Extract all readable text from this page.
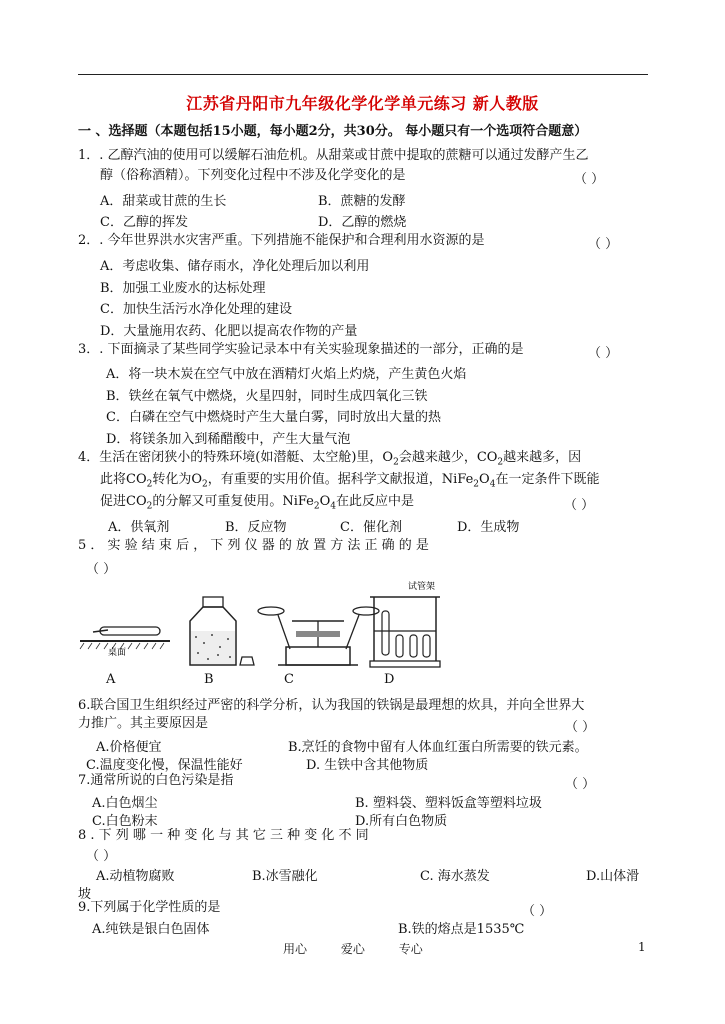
江苏省丹阳市九年级化学化学单元练习 新人教版
一 、选择题（本题包括15小题，每小题2分，共30分。 每小题只有一个选项符合题意）
1．. 乙醇汽油的使用可以缓解石油危机。从甜菜或甘蔗中提取的蔗糖可以通过发酵产生乙
醇（俗称酒精）。下列变化过程中不涉及化学变化的是	（ ）
A．甜菜或甘蔗的生长	B．蔗糖的发酵
C．乙醇的挥发	D．乙醇的燃烧
2．. 今年世界洪水灾害严重。下列措施不能保护和合理利用水资源的是	（ ）
A．考虑收集、储存雨水，净化处理后加以利用
B．加强工业废水的达标处理
C．加快生活污水净化处理的建设
D．大量施用农药、化肥以提高农作物的产量
3．. 下面摘录了某些同学实验记录本中有关实验现象描述的一部分，正确的是	（ ）
A．将一块木炭在空气中放在酒精灯火焰上灼烧，产生黄色火焰
B．铁丝在氧气中燃烧，火星四射，同时生成四氧化三铁
C．白磷在空气中燃烧时产生大量白雾，同时放出大量的热
D．将镁条加入到稀醋酸中，产生大量气泡
4．生活在密闭狭小的特殊环境(如潜艇、太空舱)里，$O_2$会越来越少，$CO_2$越来越多，因
此将$CO_2$转化为$O_2$，有重要的实用价值。据科学文献报道，$NiFe_2O_4$在一定条件下既能
促进$CO_2$的分解又可重复使用。$NiFe_2O_4$在此反应中是	（ ）
A．供氧剂	B．反应物	C．催化剂	D．生成物
5 ． 实 验 结 束 后 ， 下 列 仪 器 的 放 置 方 法 正 确 的 是
（ ）
桌面
试管架
A	B	C	D
6.联合国卫生组织经过严密的科学分析，认为我国的铁锅是最理想的炊具，并向全世界大
力推广。其主要原因是	（ ）
A.价格便宜	B.烹饪的食物中留有人体血红蛋白所需要的铁元素。
C.温度变化慢，保温性能好	D. 生铁中含其他物质
7.通常所说的白色污染是指	（ ）
A.白色烟尘	B. 塑料袋、塑料饭盒等塑料垃圾
C.白色粉末	D.所有白色物质
8 . 下 列 哪 一 种 变 化 与 其 它 三 种 变 化 不 同
（ ）
A.动植物腐败	B.冰雪融化	C. 海水蒸发	D.山体滑
坡
9.下列属于化学性质的是	（ ）
A.纯铁是银白色固体	B.铁的熔点是1535℃
用心	爱心	专心	1
